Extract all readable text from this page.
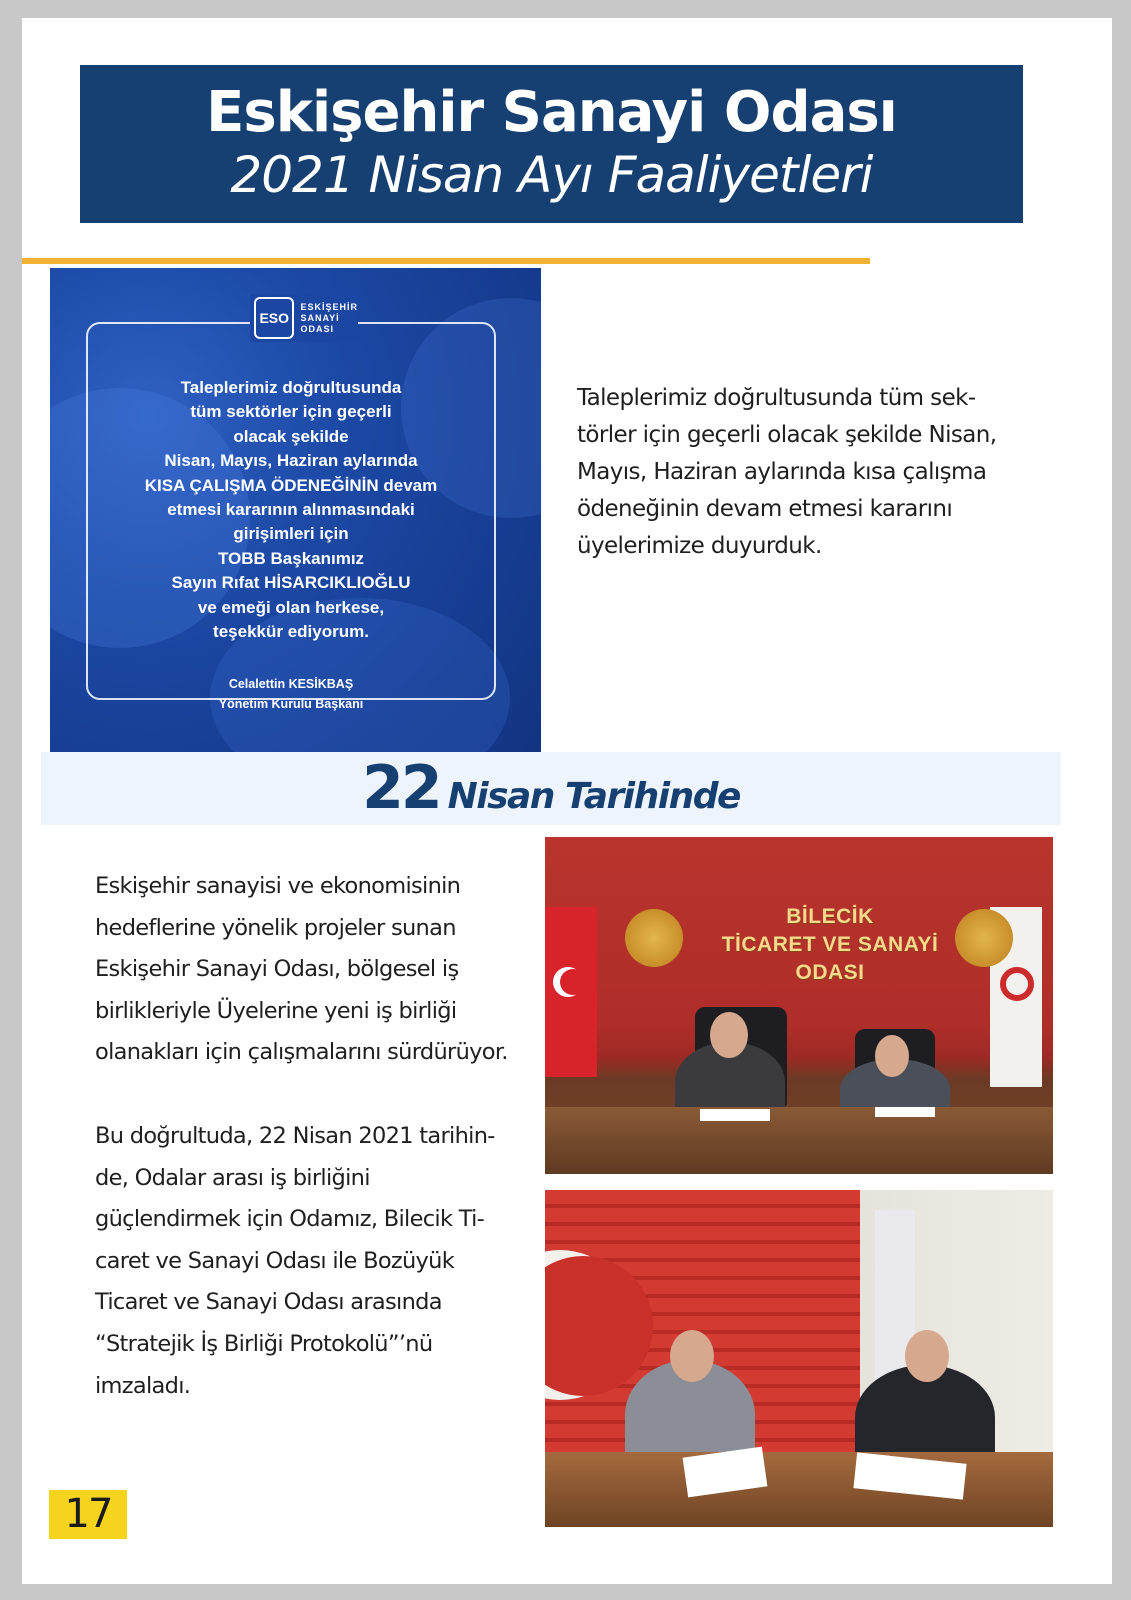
Eskişehir Sanayi Odası
2021 Nisan Ayı Faaliyetleri
ESO
ESKİŞEHİR
SANAYİ
ODASI
Taleplerimiz doğrultusunda
tüm sektörler için geçerli
olacak şekilde
Nisan, Mayıs, Haziran aylarında
KISA ÇALIŞMA ÖDENEĞİNİN devam
etmesi kararının alınmasındaki
girişimleri için
TOBB Başkanımız
Sayın Rıfat HİSARCIKLIOĞLU
ve emeği olan herkese,
teşekkür ediyorum.
Celalettin KESİKBAŞ
Yönetim Kurulu Başkanı
Taleplerimiz doğrultusunda tüm sek-törler için geçerli olacak şekilde Nisan, Mayıs, Haziran aylarında kısa çalışma ödeneğinin devam etmesi kararını üyelerimize duyurduk.
22 Nisan Tarihinde

Eskişehir sanayisi ve ekonomisinin hedeflerine yönelik projeler sunan Eskişehir Sanayi Odası, bölgesel iş birlikleriyle Üyelerine yeni iş birliği olanakları için çalışmalarını sürdürüyor.

Bu doğrultuda, 22 Nisan 2021 tarihin-de, Odalar arası iş birliğini güçlendirmek için Odamız, Bilecik Ti-caret ve Sanayi Odası ile Bozüyük Ticaret ve Sanayi Odası arasında “Stratejik İş Birliği Protokolü”’nü imzaladı.

BİLECİK
TİCARET VE SANAYİ
ODASI
17
